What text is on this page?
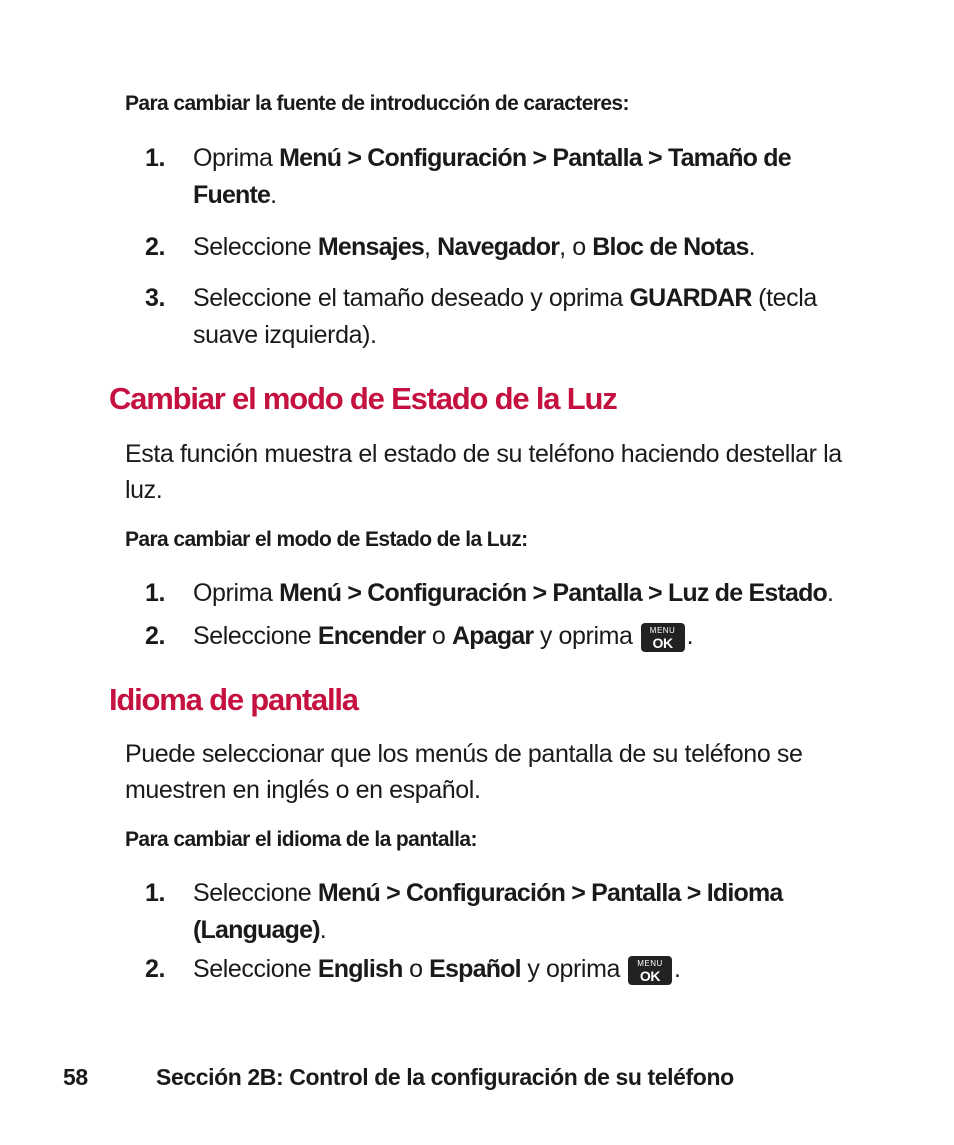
Para cambiar la fuente de introducción de caracteres:
1. Oprima Menú > Configuración > Pantalla > Tamaño de Fuente.
2. Seleccione Mensajes, Navegador, o Bloc de Notas.
3. Seleccione el tamaño deseado y oprima GUARDAR (tecla suave izquierda).
Cambiar el modo de Estado de la Luz
Esta función muestra el estado de su teléfono haciendo destellar la luz.
Para cambiar el modo de Estado de la Luz:
1. Oprima Menú > Configuración > Pantalla > Luz de Estado.
2. Seleccione Encender o Apagar y oprima	MENU
OK .
Idioma de pantalla
Puede seleccionar que los menús de pantalla de su teléfono se muestren en inglés o en español.
Para cambiar el idioma de la pantalla:
1. Seleccione Menú > Configuración > Pantalla > Idioma (Language).
2. Seleccione English o Español y oprima	MENU
OK .
58	Sección 2B: Control de la configuración de su teléfono
